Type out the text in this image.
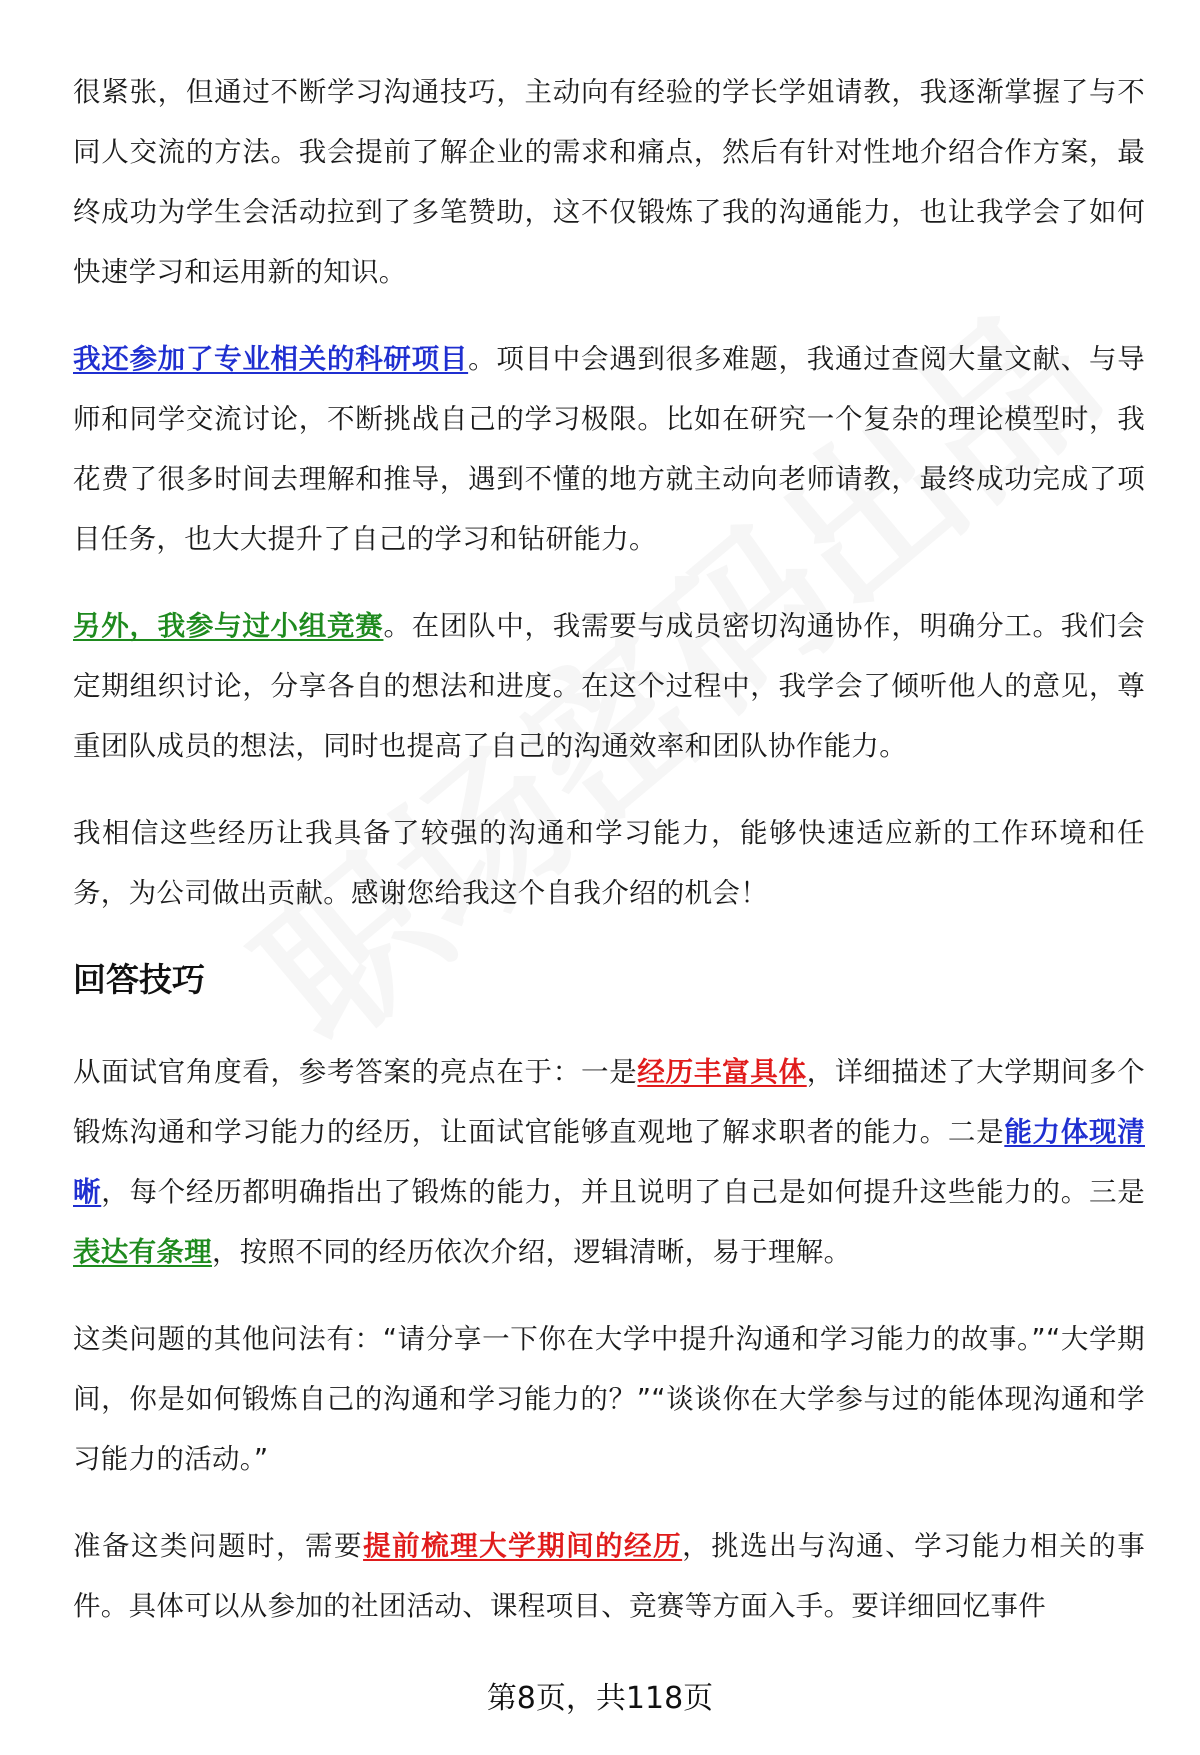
很紧张，但通过不断学习沟通技巧，主动向有经验的学长学姐请教，我逐渐掌握了与不同人交流的方法。我会提前了解企业的需求和痛点，然后有针对性地介绍合作方案，最终成功为学生会活动拉到了多笔赞助，这不仅锻炼了我的沟通能力，也让我学会了如何快速学习和运用新的知识。

我还参加了专业相关的科研项目。项目中会遇到很多难题，我通过查阅大量文献、与导师和同学交流讨论，不断挑战自己的学习极限。比如在研究一个复杂的理论模型时，我花费了很多时间去理解和推导，遇到不懂的地方就主动向老师请教，最终成功完成了项目任务，也大大提升了自己的学习和钻研能力。

另外，我参与过小组竞赛。在团队中，我需要与成员密切沟通协作，明确分工。我们会定期组织讨论，分享各自的想法和进度。在这个过程中，我学会了倾听他人的意见，尊重团队成员的想法，同时也提高了自己的沟通效率和团队协作能力。

我相信这些经历让我具备了较强的沟通和学习能力，能够快速适应新的工作环境和任务，为公司做出贡献。感谢您给我这个自我介绍的机会！

回答技巧

从面试官角度看，参考答案的亮点在于：一是经历丰富具体，详细描述了大学期间多个锻炼沟通和学习能力的经历，让面试官能够直观地了解求职者的能力。二是能力体现清晰，每个经历都明确指出了锻炼的能力，并且说明了自己是如何提升这些能力的。三是表达有条理，按照不同的经历依次介绍，逻辑清晰，易于理解。

这类问题的其他问法有：“请分享一下你在大学中提升沟通和学习能力的故事。”“大学期间，你是如何锻炼自己的沟通和学习能力的？”“谈谈你在大学参与过的能体现沟通和学习能力的活动。”

准备这类问题时，需要提前梳理大学期间的经历，挑选出与沟通、学习能力相关的事件。具体可以从参加的社团活动、课程项目、竞赛等方面入手。要详细回忆事件

第8页，共118页
